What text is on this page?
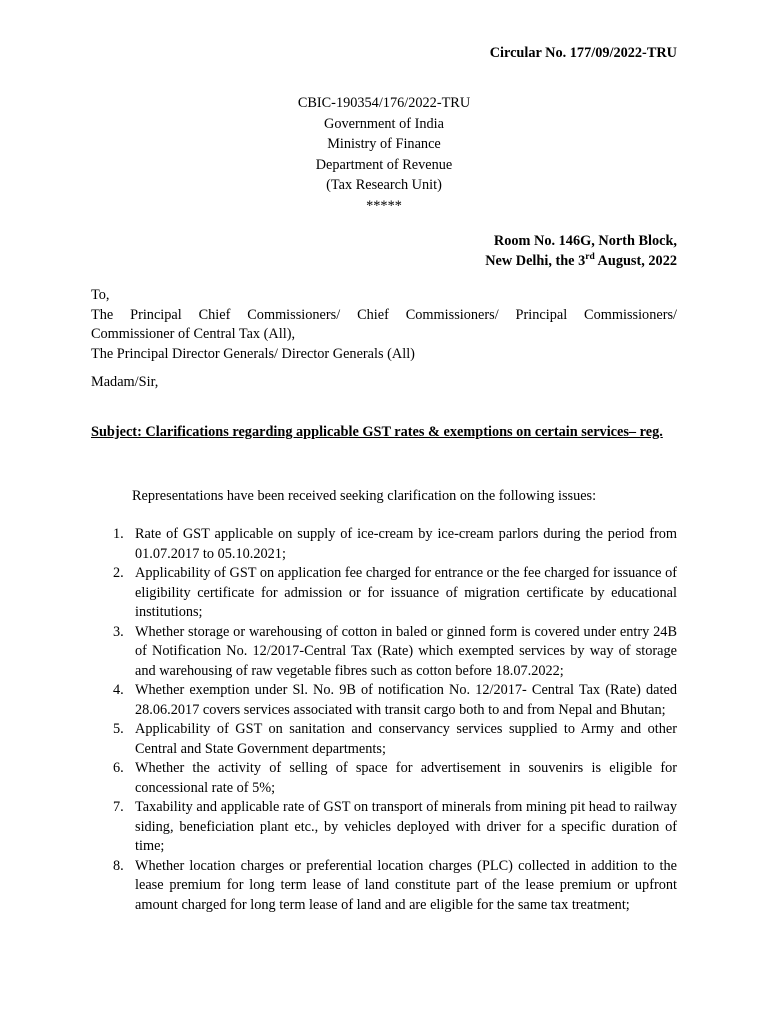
Circular No. 177/09/2022-TRU
CBIC-190354/176/2022-TRU
Government of India
Ministry of Finance
Department of Revenue
(Tax Research Unit)
*****
Room No. 146G, North Block,
New Delhi, the 3rd August, 2022
To,
The Principal Chief Commissioners/ Chief Commissioners/ Principal Commissioners/
Commissioner of Central Tax (All),
The Principal Director Generals/ Director Generals (All)
Madam/Sir,
Subject: Clarifications regarding applicable GST rates & exemptions on certain services– reg.
Representations have been received seeking clarification on the following issues:
1. Rate of GST applicable on supply of ice-cream by ice-cream parlors during the period from 01.07.2017 to 05.10.2021;
2. Applicability of GST on application fee charged for entrance or the fee charged for issuance of eligibility certificate for admission or for issuance of migration certificate by educational institutions;
3. Whether storage or warehousing of cotton in baled or ginned form is covered under entry 24B of Notification No. 12/2017-Central Tax (Rate) which exempted services by way of storage and warehousing of raw vegetable fibres such as cotton before 18.07.2022;
4. Whether exemption under Sl. No. 9B of notification No. 12/2017- Central Tax (Rate) dated 28.06.2017 covers services associated with transit cargo both to and from Nepal and Bhutan;
5. Applicability of GST on sanitation and conservancy services supplied to Army and other Central and State Government departments;
6. Whether the activity of selling of space for advertisement in souvenirs is eligible for concessional rate of 5%;
7. Taxability and applicable rate of GST on transport of minerals from mining pit head to railway siding, beneficiation plant etc., by vehicles deployed with driver for a specific duration of time;
8. Whether location charges or preferential location charges (PLC) collected in addition to the lease premium for long term lease of land constitute part of the lease premium or upfront amount charged for long term lease of land and are eligible for the same tax treatment;
